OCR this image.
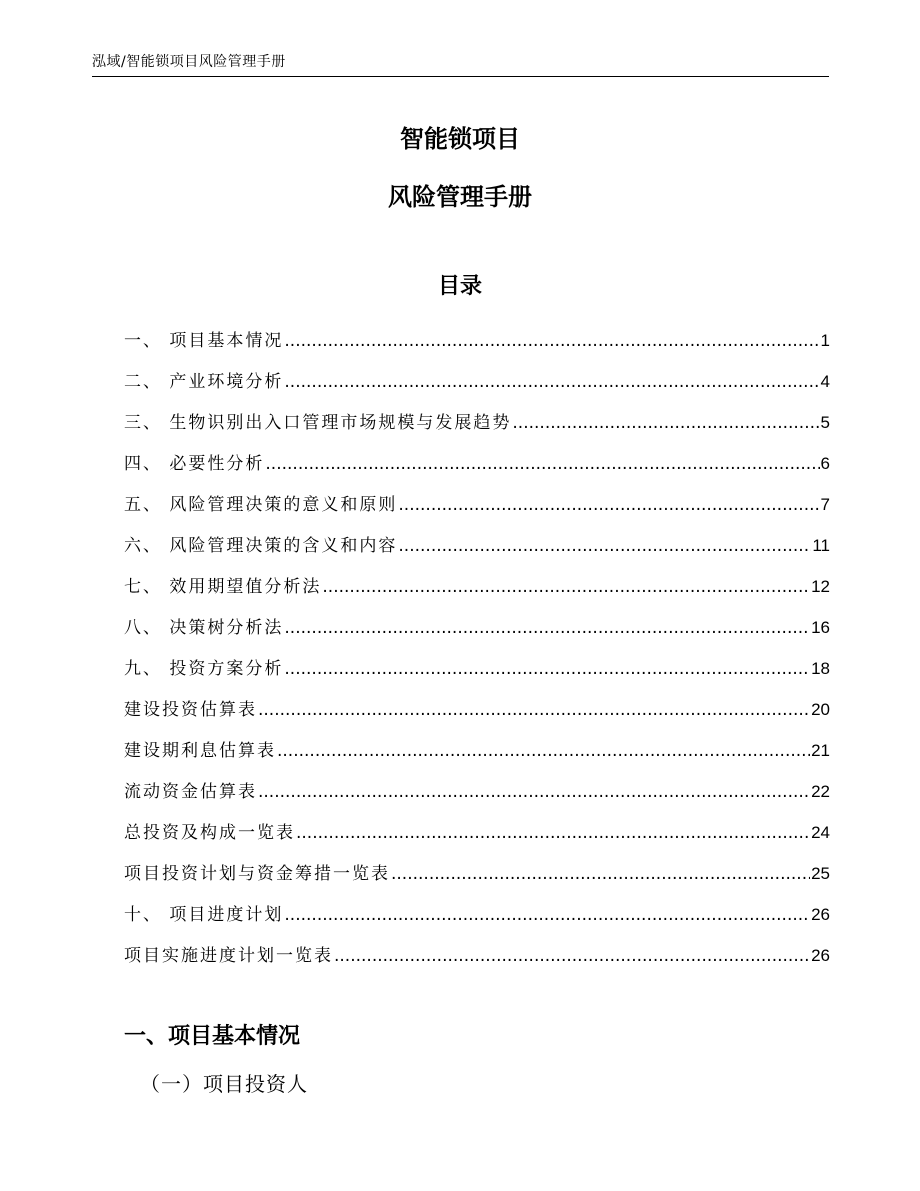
泓域/智能锁项目风险管理手册
智能锁项目
风险管理手册
目录
一、 项目基本情况 .....	1
二、 产业环境分析 .....	4
三、 生物识别出入口管理市场规模与发展趋势 .....	5
四、 必要性分析 .....	6
五、 风险管理决策的意义和原则 .....	7
六、 风险管理决策的含义和内容 .....	11
七、 效用期望值分析法 .....	12
八、 决策树分析法 .....	16
九、 投资方案分析 .....	18
建设投资估算表 .....	20
建设期利息估算表 .....	21
流动资金估算表 .....	22
总投资及构成一览表 .....	24
项目投资计划与资金筹措一览表 .....	25
十、 项目进度计划 .....	26
项目实施进度计划一览表 .....	26
一、项目基本情况
（一）项目投资人
